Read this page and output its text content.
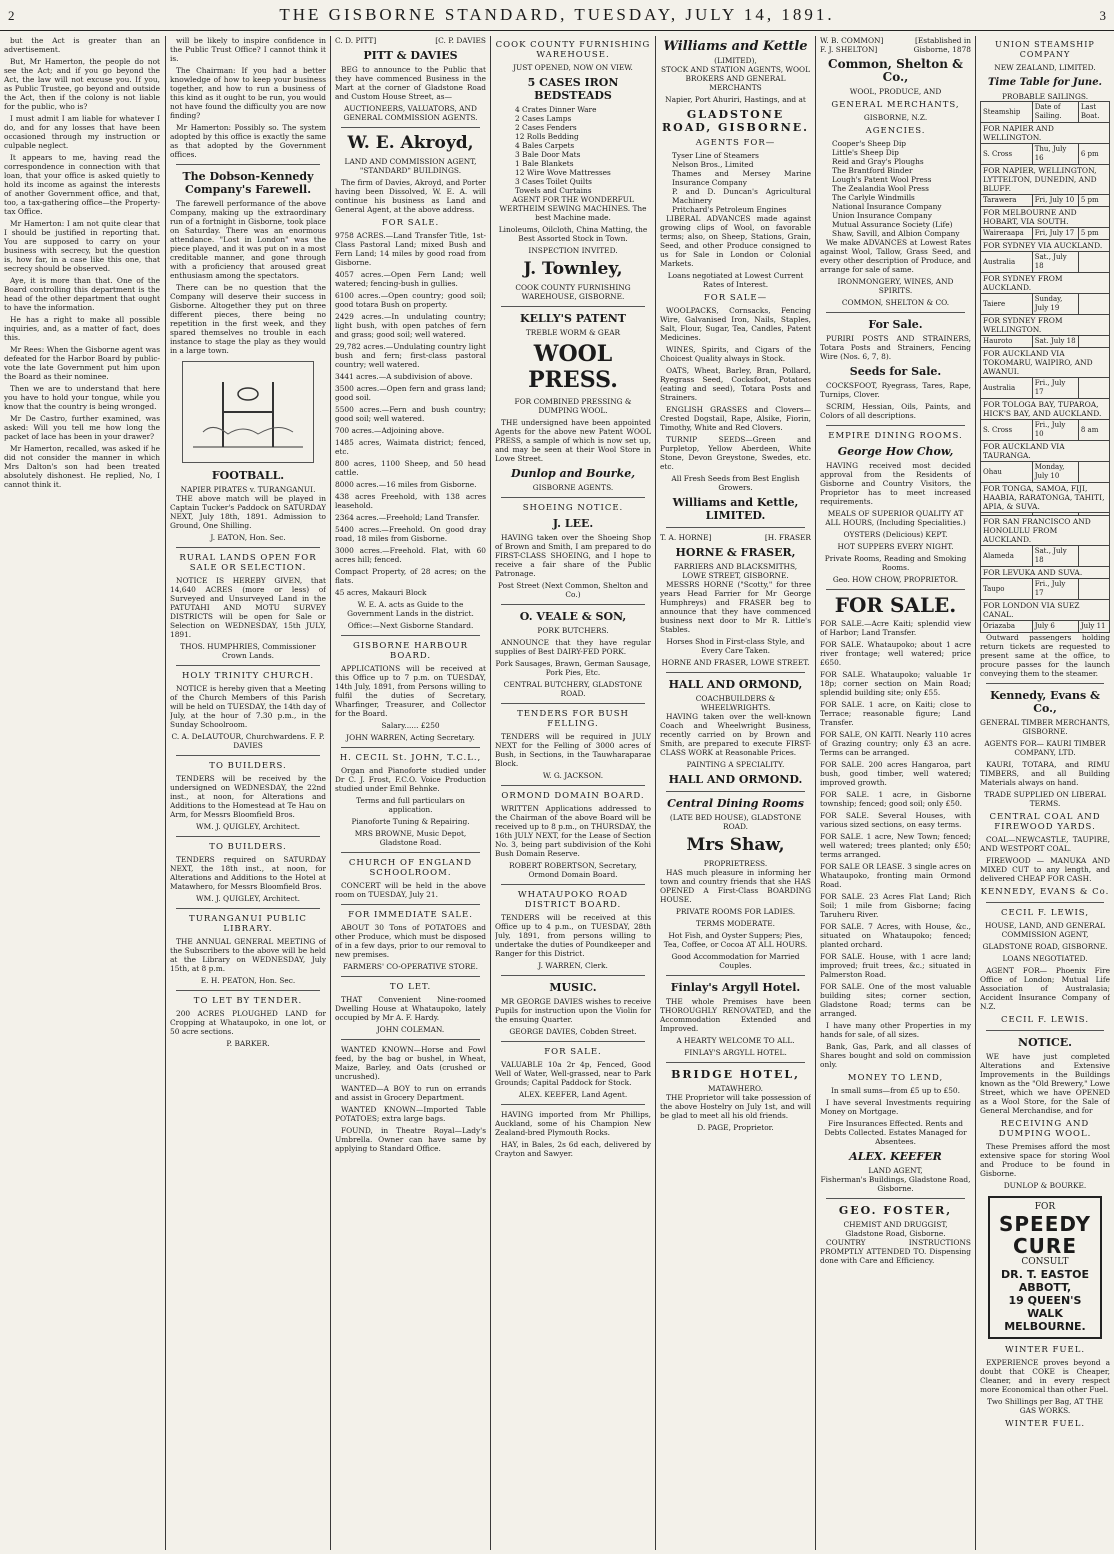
2	THE GISBORNE STANDARD, TUESDAY, JULY 14, 1891.	3

but the Act is greater than an advertisement.

But, Mr Hamerton, the people do not see the Act; and if you go beyond the Act, the law will not excuse you. If you, as Public Trustee, go beyond and outside the Act, then if the colony is not liable for the public, who is?

I must admit I am liable for whatever I do, and for any losses that have been occasioned through my instruction or culpable neglect.

It appears to me, having read the correspondence in connection with that loan, that your office is asked quietly to hold its income as against the interests of another Government office, and that, too, a tax-gathering office—the Property-tax Office.

Mr Hamerton: I am not quite clear that I should be justified in reporting that. You are supposed to carry on your business with secrecy, but the question is, how far, in a case like this one, that secrecy should be observed.

Aye, it is more than that. One of the Board controlling this department is the head of the other department that ought to have the information.

He has a right to make all possible inquiries, and, as a matter of fact, does this.

Mr Rees: When the Gisborne agent was defeated for the Harbor Board by public-vote the late Government put him upon the Board as their nominee.

Then we are to understand that here you have to hold your tongue, while you know that the country is being wronged.

Mr De Castro, further examined, was asked: Will you tell me how long the packet of lace has been in your drawer?

Mr Hamerton, recalled, was asked if he did not consider the manner in which Mrs Dalton's son had been treated absolutely dishonest. He replied, No, I cannot think it.

will be likely to inspire confidence in the Public Trust Office? I cannot think it is.

The Chairman: If you had a better knowledge of how to keep your business together, and how to run a business of this kind as it ought to be run, you would not have found the difficulty you are now finding?

Mr Hamerton: Possibly so. The system adopted by this office is exactly the same as that adopted by the Government offices.

The Dobson-Kennedy Company's Farewell.

The farewell performance of the above Company, making up the extraordinary run of a fortnight in Gisborne, took place on Saturday. There was an enormous attendance. "Lost in London" was the piece played, and it was put on in a most creditable manner, and gone through with a proficiency that aroused great enthusiasm among the spectators.

There can be no question that the Company will deserve their success in Gisborne. Altogether they put on three different pieces, there being no repetition in the first week, and they spared themselves no trouble in each instance to stage the play as they would in a large town.

FOOTBALL.
NAPIER PIRATES v. TURANGANUI.

THE above match will be played in Captain Tucker's Paddock on SATURDAY NEXT, July 18th, 1891. Admission to Ground, One Shilling.

J. EATON, Hon. Sec.

RURAL LANDS OPEN FOR SALE OR SELECTION.

NOTICE IS HEREBY GIVEN, that 14,640 ACRES (more or less) of Surveyed and Unsurveyed Land in the PATUTAHI AND MOTU SURVEY DISTRICTS will be open for Sale or Selection on WEDNESDAY, 15th JULY, 1891.

THOS. HUMPHRIES, Commissioner Crown Lands.

HOLY TRINITY CHURCH.

NOTICE is hereby given that a Meeting of the Church Members of this Parish will be held on TUESDAY, the 14th day of July, at the hour of 7.30 p.m., in the Sunday Schoolroom.

C. A. DeLAUTOUR, Churchwardens. F. P. DAVIES

TO BUILDERS.

TENDERS will be received by the undersigned on WEDNESDAY, the 22nd inst., at noon, for Alterations and Additions to the Homestead at Te Hau on Arm, for Messrs Bloomfield Bros.

WM. J. QUIGLEY, Architect.

TO BUILDERS.

TENDERS required on SATURDAY NEXT, the 18th inst., at noon, for Alterations and Additions to the Hotel at Matawhero, for Messrs Bloomfield Bros.

WM. J. QUIGLEY, Architect.

TURANGANUI PUBLIC LIBRARY.

THE ANNUAL GENERAL MEETING of the Subscribers to the above will be held at the Library on WEDNESDAY, July 15th, at 8 p.m.

E. H. PEATON, Hon. Sec.

TO LET BY TENDER.

200 ACRES PLOUGHED LAND for Cropping at Whataupoko, in one lot, or 50 acre sections.

P. BARKER.

C. D. PITT]	[C. P. DAVIES
PITT & DAVIES

BEG to announce to the Public that they have commenced Business in the Mart at the corner of Gladstone Road and Custom House Street, as—

AUCTIONEERS, VALUATORS, AND GENERAL COMMISSION AGENTS.

W. E. Akroyd,

LAND AND COMMISSION AGENT, "STANDARD" BUILDINGS.

The firm of Davies, Akroyd, and Porter having been Dissolved, W. E. A. will continue his business as Land and General Agent, at the above address.

FOR SALE.

9758 ACRES.—Land Transfer Title, 1st-Class Pastoral Land; mixed Bush and Fern Land; 14 miles by good road from Gisborne.

4057 acres.—Open Fern Land; well watered; fencing-bush in gullies.

6100 acres.—Open country; good soil; good totara Bush on property.

2429 acres.—In undulating country; light bush, with open patches of fern and grass; good soil; well watered.

29,782 acres.—Undulating country light bush and fern; first-class pastoral country; well watered.

3441 acres.—A subdivision of above.

3500 acres.—Open fern and grass land; good soil.

5500 acres.—Fern and bush country; good soil; well watered.

700 acres.—Adjoining above.

1485 acres, Waimata district; fenced, etc.

800 acres, 1100 Sheep, and 50 head cattle.

8000 acres.—16 miles from Gisborne.

438 acres Freehold, with 138 acres leasehold.

2364 acres.—Freehold; Land Transfer.

5400 acres.—Freehold. On good dray road, 18 miles from Gisborne.

3000 acres.—Freehold. Flat, with 60 acres hill; fenced.

Compact Property, of 28 acres; on the flats.

45 acres, Makauri Block

W. E. A. acts as Guide to the Government Lands in the district.

Office:—Next Gisborne Standard.

GISBORNE HARBOUR BOARD.

APPLICATIONS will be received at this Office up to 7 p.m. on TUESDAY, 14th July, 1891, from Persons willing to fulfil the duties of Secretary, Wharfinger, Treasurer, and Collector for the Board.

Salary...... £250

JOHN WARREN, Acting Secretary.

H. CECIL St. JOHN, T.C.L.,

Organ and Pianoforte studied under Dr C. J. Frost, F.C.O. Voice Production studied under Emil Behnke.

Terms and full particulars on application.

Pianoforte Tuning & Repairing.

MRS BROWNE, Music Depot, Gladstone Road.

CHURCH OF ENGLAND SCHOOLROOM.

CONCERT will be held in the above room on TUESDAY, July 21.

FOR IMMEDIATE SALE.

ABOUT 30 Tons of POTATOES and other Produce, which must be disposed of in a few days, prior to our removal to new premises.

FARMERS' CO-OPERATIVE STORE.

TO LET.

THAT Convenient Nine-roomed Dwelling House at Whataupoko, lately occupied by Mr A. F. Hardy.

JOHN COLEMAN.

WANTED KNOWN—Horse and Fowl feed, by the bag or bushel, in Wheat, Maize, Barley, and Oats (crushed or uncrushed).

WANTED—A BOY to run on errands and assist in Grocery Department.

WANTED KNOWN—Imported Table POTATOES; extra large bags.

FOUND, in Theatre Royal—Lady's Umbrella. Owner can have same by applying to Standard Office.

COOK COUNTY FURNISHING WAREHOUSE.

JUST OPENED, NOW ON VIEW.

5 CASES IRON BEDSTEADS
4 Crates Dinner Ware
2 Cases Lamps
2 Cases Fenders
12 Rolls Bedding
4 Bales Carpets
3 Bale Door Mats
1 Bale Blankets
12 Wire Wove Mattresses
3 Cases Toilet Quilts
Towels and Curtains

AGENT FOR THE WONDERFUL WERTHEIM SEWING MACHINES. The best Machine made.

Linoleums, Oilcloth, China Matting, the Best Assorted Stock in Town.

INSPECTION INVITED.

J. Townley,

COOK COUNTY FURNISHING WAREHOUSE, GISBORNE.

KELLY'S PATENT
TREBLE WORM & GEAR
WOOL PRESS.

FOR COMBINED PRESSING & DUMPING WOOL.

THE undersigned have been appointed Agents for the above new Patent WOOL PRESS, a sample of which is now set up, and may be seen at their Wool Store in Lowe Street.

Dunlop and Bourke,

GISBORNE AGENTS.

SHOEING NOTICE.
J. LEE.

HAVING taken over the Shoeing Shop of Brown and Smith, I am prepared to do FIRST-CLASS SHOEING, and I hope to receive a fair share of the Public Patronage.

Post Street (Next Common, Shelton and Co.)

O. VEALE & SON,

PORK BUTCHERS.

ANNOUNCE that they have regular supplies of Best DAIRY-FED PORK.

Pork Sausages, Brawn, German Sausage, Pork Pies, Etc.

CENTRAL BUTCHERY, GLADSTONE ROAD.

TENDERS FOR BUSH FELLING.

TENDERS will be required in JULY NEXT for the Felling of 3000 acres of Bush, in Sections, in the Tauwharaparae Block.

W. G. JACKSON.

ORMOND DOMAIN BOARD.

WRITTEN Applications addressed to the Chairman of the above Board will be received up to 8 p.m., on THURSDAY, the 16th JULY NEXT, for the Lease of Section No. 3, being part subdivision of the Kohi Bush Domain Reserve.

ROBERT ROBERTSON, Secretary, Ormond Domain Board.

WHATAUPOKO ROAD DISTRICT BOARD.

TENDERS will be received at this Office up to 4 p.m., on TUESDAY, 28th July, 1891, from persons willing to undertake the duties of Poundkeeper and Ranger for this District.

J. WARREN, Clerk.

MUSIC.

MR GEORGE DAVIES wishes to receive Pupils for instruction upon the Violin for the ensuing Quarter.

GEORGE DAVIES, Cobden Street.

FOR SALE.

VALUABLE 10a 2r 4p, Fenced, Good Well of Water, Well-grassed, near to Park Grounds; Capital Paddock for Stock.

ALEX. KEEFER, Land Agent.

HAVING imported from Mr Phillips, Auckland, some of his Champion New Zealand-bred Plymouth Rocks.

HAY, in Bales, 2s 6d each, delivered by Crayton and Sawyer.

Williams and Kettle
(LIMITED),

STOCK AND STATION AGENTS, WOOL BROKERS AND GENERAL MERCHANTS

Napier, Port Ahuriri, Hastings, and at

GLADSTONE ROAD, GISBORNE.
AGENTS FOR—
Tyser Line of Steamers
Nelson Bros., Limited
Thames and Mersey Marine Insurance Company
P. and D. Duncan's Agricultural Machinery
Pritchard's Petroleum Engines

LIBERAL ADVANCES made against growing clips of Wool, on favorable terms; also, on Sheep, Stations, Grain, Seed, and other Produce consigned to us for Sale in London or Colonial Markets.

Loans negotiated at Lowest Current Rates of Interest.

FOR SALE—

WOOLPACKS, Cornsacks, Fencing Wire, Galvanised Iron, Nails, Staples, Salt, Flour, Sugar, Tea, Candles, Patent Medicines.

WINES, Spirits, and Cigars of the Choicest Quality always in Stock.

OATS, Wheat, Barley, Bran, Pollard, Ryegrass Seed, Cocksfoot, Potatoes (eating and seed), Totara Posts and Strainers.

ENGLISH GRASSES and Clovers—Crested Dogstail, Rape, Alsike, Fiorin, Timothy, White and Red Clovers.

TURNIP SEEDS—Green and Purpletop, Yellow Aberdeen, White Stone, Devon Greystone, Swedes, etc. etc.

All Fresh Seeds from Best English Growers.

Williams and Kettle, LIMITED.
T. A. HORNE]	[H. FRASER
HORNE & FRASER,
FARRIERS AND BLACKSMITHS,
LOWE STREET, GISBORNE.

MESSRS HORNE ("Scotty," for three years Head Farrier for Mr George Humphreys) and FRASER beg to announce that they have commenced business next door to Mr R. Little's Stables.

Horses Shod in First-class Style, and Every Care Taken.

HORNE AND FRASER, LOWE STREET.

HALL AND ORMOND,
COACHBUILDERS & WHEELWRIGHTS.

HAVING taken over the well-known Coach and Wheelwright Business, recently carried on by Brown and Smith, are prepared to execute FIRST-CLASS WORK at Reasonable Prices.

PAINTING A SPECIALITY.

HALL AND ORMOND.
Central Dining Rooms
(LATE BED HOUSE), GLADSTONE ROAD.
Mrs Shaw,
PROPRIETRESS.

HAS much pleasure in informing her town and country friends that she HAS OPENED A First-Class BOARDING HOUSE.

PRIVATE ROOMS FOR LADIES.

TERMS MODERATE.

Hot Fish, and Oyster Suppers; Pies, Tea, Coffee, or Cocoa AT ALL HOURS.

Good Accommodation for Married Couples.

Finlay's Argyll Hotel.

THE whole Premises have been THOROUGHLY RENOVATED, and the Accommodation Extended and Improved.

A HEARTY WELCOME TO ALL.

FINLAY'S ARGYLL HOTEL.

BRIDGE HOTEL,
MATAWHERO.

THE Proprietor will take possession of the above Hostelry on July 1st, and will be glad to meet all his old friends.

D. PAGE, Proprietor.

W. B. COMMON]
F. J. SHELTON]
[Established in Gisborne, 1878
Common, Shelton & Co.,
WOOL, PRODUCE, AND
GENERAL MERCHANTS,
GISBORNE, N.Z.
AGENCIES.
Cooper's Sheep Dip
Little's Sheep Dip
Reid and Gray's Ploughs
The Brantford Binder
Lough's Patent Wool Press
The Zealandia Wool Press
The Carlyle Windmills
National Insurance Company
Union Insurance Company
Mutual Assurance Society (Life)
Shaw, Savill, and Albion Company

We make ADVANCES at Lowest Rates against Wool, Tallow, Grass Seed, and every other description of Produce, and arrange for sale of same.

IRONMONGERY, WINES, AND SPIRITS.

COMMON, SHELTON & CO.

For Sale.

PURIRI POSTS AND STRAINERS, Totara Posts and Strainers, Fencing Wire (Nos. 6, 7, 8).

Seeds for Sale.

COCKSFOOT, Ryegrass, Tares, Rape, Turnips, Clover.

SCRIM, Hessian, Oils, Paints, and Colors of all descriptions.

EMPIRE DINING ROOMS.
George How Chow,

HAVING received most decided approval from the Residents of Gisborne and Country Visitors, the Proprietor has to meet increased requirements.

MEALS OF SUPERIOR QUALITY AT ALL HOURS, (Including Specialities.)

OYSTERS (Delicious) KEPT.

HOT SUPPERS EVERY NIGHT.

Private Rooms, Reading and Smoking Rooms.

Geo. HOW CHOW, PROPRIETOR.

FOR SALE.

FOR SALE.—Acre Kaiti; splendid view of Harbor; Land Transfer.

FOR SALE. Whataupoko; about 1 acre river frontage; well watered; price £650.

FOR SALE. Whataupoko; valuable 1r 18p; corner section on Main Road; splendid building site; only £55.

FOR SALE. 1 acre, on Kaiti; close to Terrace; reasonable figure; Land Transfer.

FOR SALE, ON KAITI. Nearly 110 acres of Grazing country; only £3 an acre. Terms can be arranged.

FOR SALE. 200 acres Hangaroa, part bush, good timber, well watered; improved growth.

FOR SALE. 1 acre, in Gisborne township; fenced; good soil; only £50.

FOR SALE. Several Houses, with various sized sections, on easy terms.

FOR SALE. 1 acre, New Town; fenced; well watered; trees planted; only £50; terms arranged.

FOR SALE OR LEASE. 3 single acres on Whataupoko, fronting main Ormond Road.

FOR SALE. 23 Acres Flat Land; Rich Soil; 1 mile from Gisborne; facing Taruheru River.

FOR SALE. 7 Acres, with House, &c., situated on Whataupoko; fenced; planted orchard.

FOR SALE. House, with 1 acre land; improved; fruit trees, &c.; situated in Palmerston Road.

FOR SALE. One of the most valuable building sites; corner section, Gladstone Road; terms can be arranged.

I have many other Properties in my hands for sale, of all sizes.

Bank, Gas, Park, and all classes of Shares bought and sold on commission only.

MONEY TO LEND,

In small sums—from £5 up to £50.

I have several Investments requiring Money on Mortgage.

Fire Insurances Effected. Rents and Debts Collected. Estates Managed for Absentees.

ALEX. KEEFER
LAND AGENT,

Fisherman's Buildings, Gladstone Road, Gisborne.

GEO. FOSTER,
CHEMIST AND DRUGGIST,
Gladstone Road, Gisborne.

COUNTRY INSTRUCTIONS PROMPTLY ATTENDED TO. Dispensing done with Care and Efficiency.

UNION STEAMSHIP COMPANY
NEW ZEALAND, LIMITED.
Time Table for June.
PROBABLE SAILINGS.
Steamship	Date of Sailing.	Last Boat.
FOR NAPIER AND WELLINGTON.		
S. Cross	Thu, July 16	6 pm
FOR NAPIER, WELLINGTON, LYTTELTON, DUNEDIN, AND BLUFF.		
Tarawera	Fri, July 10	5 pm
FOR MELBOURNE AND HOBART, VIA SOUTH.		
Waireraapa	Fri, July 17	5 pm
FOR SYDNEY VIA AUCKLAND.		
Australia	Sat., July 18	
FOR SYDNEY FROM AUCKLAND.		
Taiere	Sunday, July 19	
FOR SYDNEY FROM WELLINGTON.		
Hauroto	Sat. July 18	
FOR AUCKLAND VIA TOKOMARU, WAIPIRO, AND AWANUI.		
Australia	Fri., July 17	
FOR TOLOGA BAY, TUPAROA, HICK'S BAY, AND AUCKLAND.		
S. Cross	Fri., July 10	8 am
FOR AUCKLAND VIA TAURANGA.		
Ohau	Monday, July 10	
FOR TONGA, SAMOA, FIJI, HAABIA, RARATONGA, TAHITI, APIA, & SUVA.		

FOR SAN FRANCISCO AND HONOLULU FROM AUCKLAND.		
Alameda	Sat., July 18	
FOR LEVUKA AND SUVA.		
Taupo	Fri., July 17	
FOR LONDON VIA SUEZ CANAL.		
Oriazaba	July 6	July 11

Outward passengers holding return tickets are requested to present same at the office, to procure passes for the launch conveying them to the steamer.

Kennedy, Evans & Co.,

GENERAL TIMBER MERCHANTS, GISBORNE.

AGENTS FOR— KAURI TIMBER COMPANY, LTD.

KAURI, TOTARA, and RIMU TIMBERS, and all Building Materials always on hand.

TRADE SUPPLIED ON LIBERAL TERMS.

CENTRAL COAL AND FIREWOOD YARDS.

COAL—NEWCASTLE, TAUPIRE, AND WESTPORT COAL.

FIREWOOD — MANUKA AND MIXED CUT to any length, and delivered CHEAP FOR CASH.

KENNEDY, EVANS & Co.
CECIL F. LEWIS,

HOUSE, LAND, AND GENERAL COMMISSION AGENT,

GLADSTONE ROAD, GISBORNE.

LOANS NEGOTIATED.

AGENT FOR— Phoenix Fire Office of London; Mutual Life Association of Australasia; Accident Insurance Company of N.Z.

CECIL F. LEWIS.
NOTICE.

WE have just completed Alterations and Extensive Improvements in the Buildings known as the "Old Brewery," Lowe Street, which we have OPENED as a Wool Store, for the Sale of General Merchandise, and for

RECEIVING AND DUMPING WOOL.

These Premises afford the most extensive space for storing Wool and Produce to be found in Gisborne.

DUNLOP & BOURKE.

FOR
SPEEDY CURE
CONSULT
DR. T. EASTOE ABBOTT,
19 QUEEN'S WALK
MELBOURNE.
WINTER FUEL.

EXPERIENCE proves beyond a doubt that COKE is Cheaper, Cleaner, and in every respect more Economical than other Fuel.

Two Shillings per Bag, AT THE GAS WORKS.

WINTER FUEL.
